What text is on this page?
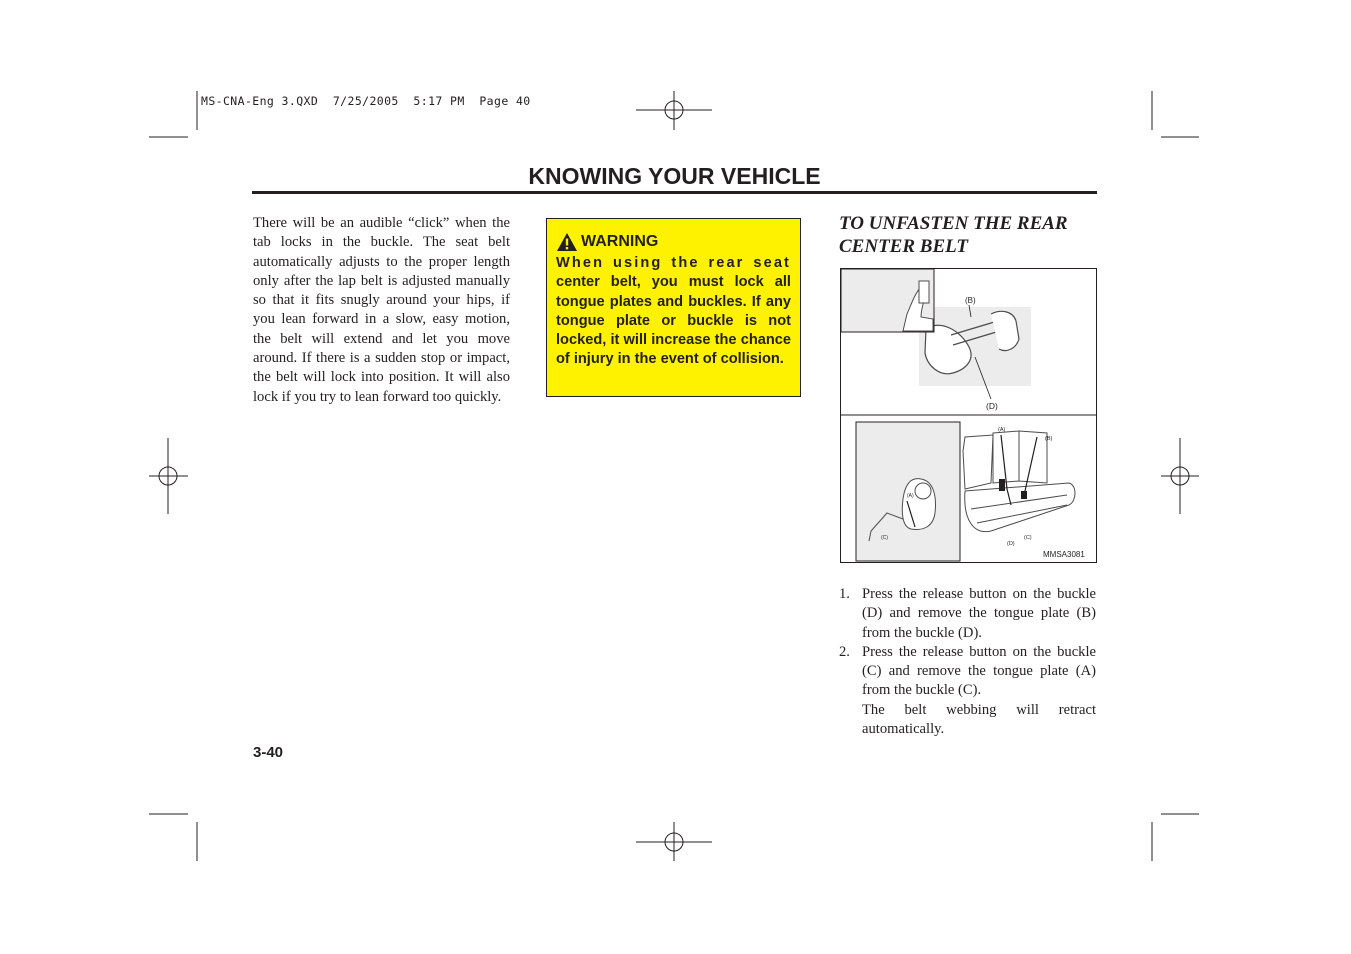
MS-CNA-Eng 3.QXD 7/25/2005 5:17 PM Page 40
KNOWING YOUR VEHICLE

There will be an audible “click” when the tab locks in the buckle. The seat belt automatically adjusts to the proper length only after the lap belt is adjusted manually so that it fits snugly around your hips, if you lean forward in a slow, easy motion, the belt will extend and let you move around. If there is a sudden stop or impact, the belt will lock into position. It will also lock if you try to lean forward too quickly.

WARNING

When using the rear seat center belt, you must lock all tongue plates and buckles. If any tongue plate or buckle is not locked, it will increase the chance of injury in the event of collision.

TO UNFASTEN THE REAR
CENTER BELT
(B)
(D)
(A)
(C)
(A)
(B)
(C)
(D)
MMSA3081
1. Press the release button on the buckle (D) and remove the tongue plate (B) from the buckle (D).
2. Press the release button on the buckle (C) and remove the tongue plate (A) from the buckle (C).
The belt webbing will retract automatically.
3-40
